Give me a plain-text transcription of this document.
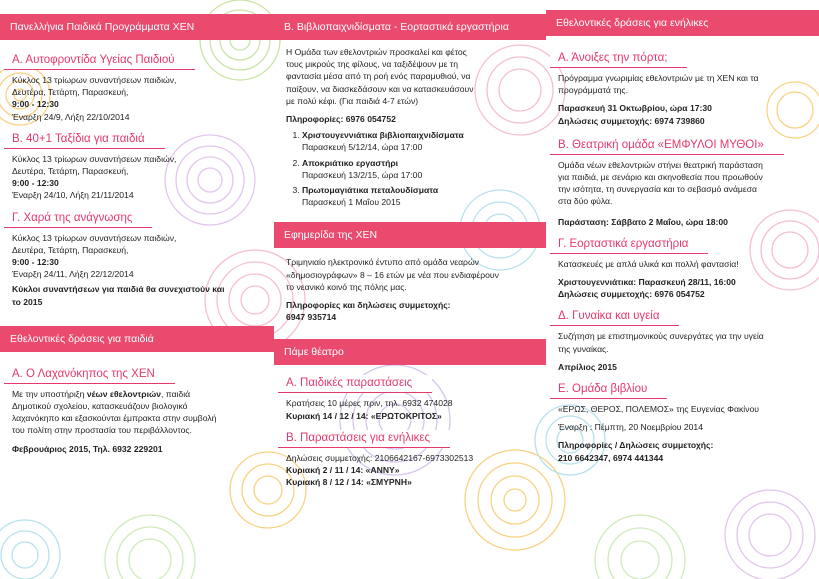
Πανελλήνια Παιδικά Προγράμματα ΧΕΝ
Α. Αυτοφροντίδα Υγείας Παιδιού

Κύκλος 13 τρίωρων συναντήσεων παιδιών,

Δευτέρα, Τετάρτη, Παρασκευή,

9:00 - 12:30

Έναρξη 24/9, Λήξη 22/10/2014

Β. 40+1 Ταξίδια για παιδιά

Κύκλος 13 τρίωρων συναντήσεων παιδιών,

Δευτέρα, Τετάρτη, Παρασκευή,

9:00 - 12:30

Έναρξη 24/10, Λήξη 21/11/2014

Γ. Χαρά της ανάγνωσης

Κύκλος 13 τρίωρων συναντήσεων παιδιών,

Δευτέρα, Τετάρτη, Παρασκευή,

9:00 - 12:30

Έναρξη 24/11, Λήξη 22/12/2014

Κύκλοι συναντήσεων για παιδιά θα συνεχιστούν και

το 2015

Εθελοντικές δράσεις για παιδιά
Α. Ο Λαχανόκηπος της ΧΕΝ

Με την υποστήριξη νέων εθελοντριών, παιδιά

Δημοτικού σχολείου, κατασκευάζουν βιολογικό

λαχανόκηπο και εξασκούνται έμπρακτα στην συμβολή

του πολίτη στην προστασία του περιβάλλοντος.

Φεβρουάριος 2015, Τηλ. 6932 229201

Β. Βιβλιοπαιχνιδίσματα - Εορταστικά εργαστήρια

Η Ομάδα των εθελοντριών προσκαλεί και φέτος

τους μικρούς της φίλους, να ταξιδέψουν με τη

φαντασία μέσα από τη ροή ενός παραμυθιού, να

παίξουν, να διασκεδάσουν και να κατασκευάσουν

με πολύ κέφι. (Για παιδιά 4-7 ετών)

Πληροφορίες: 6976 054752

1. Χριστουγεννιάτικα βιβλιοπαιχνιδίσματα
Παρασκευή 5/12/14, ώρα 17:00
2. Αποκριάτικο εργαστήρι
Παρασκευή 13/2/15, ώρα 17:00
3. Πρωτομαγιάτικα πεταλουδίσματα
Παρασκευή 1 Μαΐου 2015
Εφημερίδα της ΧΕΝ

Τριμηνιαίο ηλεκτρονικό έντυπο από ομάδα νεαρών

«δημοσιογράφων» 8 – 16 ετών με νέα που ενδιαφέρουν

το νεανικό κοινό της πόλης μας.

Πληροφορίες και δηλώσεις συμμετοχής:

6947 935714

Πάμε θέατρο
Α. Παιδικές παραστάσεις

Κρατήσεις 10 μέρες πριν, τηλ. 6932 474028

Κυριακή 14 / 12 / 14: «ΕΡΩΤΟΚΡΙΤΟΣ»

Β. Παραστάσεις για ενήλικες

Δηλώσεις συμμετοχής: 2106642167-6973302513

Κυριακή 2 / 11 / 14: «ΑΝΝΥ»

Κυριακή 8 / 12 / 14: «ΣΜΥΡΝΗ»

Εθελοντικές δράσεις για ενήλικες
Α. Άνοιξες την πόρτα;

Πρόγραμμα γνωριμίας εθελοντριών με τη ΧΕΝ και τα

προγράμματά της.

Παρασκευή 31 Οκτωβρίου, ώρα 17:30

Δηλώσεις συμμετοχής: 6974 739860

Β. Θεατρική ομάδα «ΕΜΦΥΛΟΙ ΜΥΘΟΙ»

Ομάδα νέων εθελοντριών στήνει θεατρική παράσταση

για παιδιά, με σενάριο και σκηνοθεσία που προωθούν

την ισότητα, τη συνεργασία και το σεβασμό ανάμεσα

στα δύο φύλα.

Παράσταση: Σάββατο 2 Μαΐου, ώρα 18:00

Γ. Εορταστικά εργαστήρια

Κατασκευές με απλά υλικά και πολλή φαντασία!

Χριστουγεννιάτικα: Παρασκευή 28/11, 16:00

Δηλώσεις συμμετοχής: 6976 054752

Δ. Γυναίκα και υγεία

Συζήτηση με επιστημονικούς συνεργάτες για την υγεία

της γυναίκας.

Απρίλιος 2015

Ε. Ομάδα βιβλίου

«ΕΡΩΣ, ΘΕΡΟΣ, ΠΟΛΕΜΟΣ» της Ευγενίας Φακίνου

Έναρξη : Πέμπτη, 20 Νοεμβρίου 2014

Πληροφορίες / Δηλώσεις συμμετοχής:

210 6642347, 6974 441344
